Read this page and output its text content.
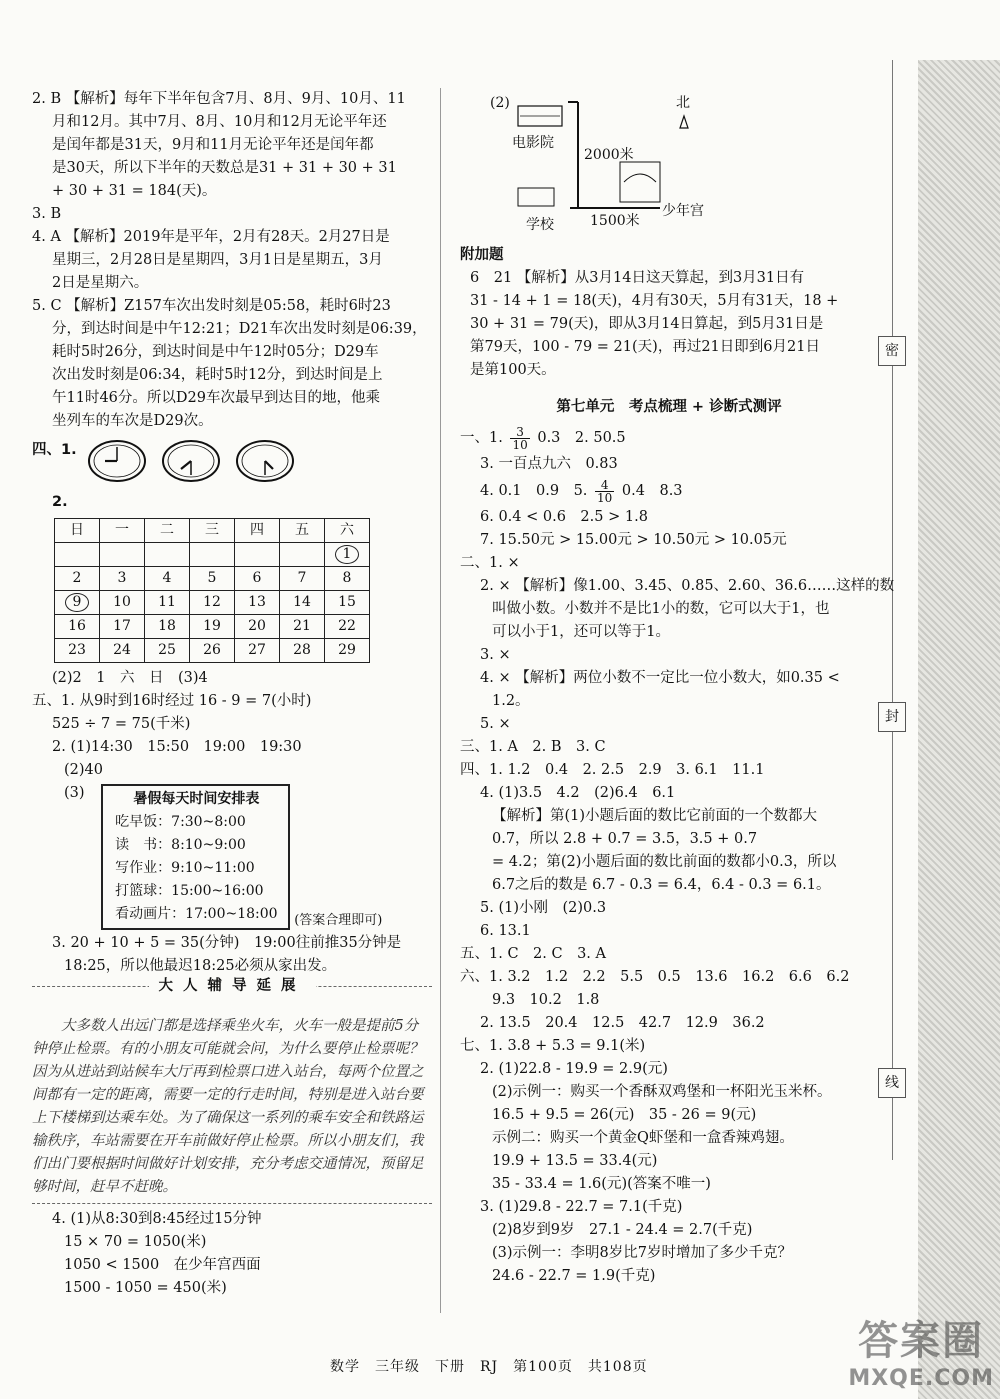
密
封
线
2. B 【解析】每年下半年包含7月、8月、9月、10月、11
月和12月。其中7月、8月、10月和12月无论平年还
是闰年都是31天，9月和11月无论平年还是闰年都
是30天，所以下半年的天数总是31 + 31 + 30 + 31
+ 30 + 31 = 184(天)。
3. B
4. A 【解析】2019年是平年，2月有28天。2月27日是
星期三，2月28日是星期四，3月1日是星期五，3月
2日是星期六。
5. C 【解析】Z157车次出发时刻是05:58，耗时6时23
分，到达时间是中午12:21；D21车次出发时刻是06:39，
耗时5时26分，到达时间是中午12时05分；D29车
次出发时刻是06:34，耗时5时12分，到达时间是上
午11时46分。所以D29车次最早到达目的地，他乘
坐列车的车次是D29次。
四、1.
2.
日	一	二	三	四	五	六
						1
2	3	4	5	6	7	8
9	10	11	12	13	14	15
16	17	18	19	20	21	22
23	24	25	26	27	28	29
(2)2　1　六　日　(3)4
五、1. 从9时到16时经过 16 - 9 = 7(小时)
525 ÷ 7 = 75(千米)
2. (1)14:30　15:50　19:00　19:30
(2)40
(3)	暑假每天时间安排表
吃早饭：7:30~8:00
读　书：8:10~9:00
写作业：9:10~11:00
打篮球：15:00~16:00
看动画片：17:00~18:00 (答案合理即可)
3. 20 + 10 + 5 = 35(分钟)　19:00往前推35分钟是
18:25，所以他最迟18:25必须从家出发。
大人辅导延展
大多数人出远门都是选择乘坐火车，火车一般是提前5分钟停止检票。有的小朋友可能就会问，为什么要停止检票呢？因为从进站到站候车大厅再到检票口进入站台，每两个位置之间都有一定的距离，需要一定的行走时间，特别是进入站台要上下楼梯到达乘车处。为了确保这一系列的乘车安全和铁路运输秩序，车站需要在开车前做好停止检票。所以小朋友们，我们出门要根据时间做好计划安排，充分考虑交通情况，预留足够时间，赶早不赶晚。
4. (1)从8:30到8:45经过15分钟
15 × 70 = 1050(米)
1050 < 1500　在少年宫西面
1500 - 1050 = 450(米)
(2)
电影院
北
2000米
学校	1500米
少年宫
附加题
6　21 【解析】从3月14日这天算起，到3月31日有
31 - 14 + 1 = 18(天)，4月有30天，5月有31天，18 +
30 + 31 = 79(天)，即从3月14日算起，到5月31日是
第79天，100 - 79 = 21(天)，再过21日即到6月21日
是第100天。
第七单元　考点梳理 + 诊断式测评
一、1. $\frac{3}{10} 0.3$　2. 50.5
3. 一百点九六　0.83
4. 0.1　0.9　5. $\frac{4}{10} 0.4$　8.3
6. 0.4 < 0.6　2.5 > 1.8
7. 15.50元 > 15.00元 > 10.50元 > 10.05元
二、1. ×
2. × 【解析】像1.00、3.45、0.85、2.60、36.6……这样的数
叫做小数。小数并不是比1小的数，它可以大于1，也
可以小于1，还可以等于1。
3. ×
4. × 【解析】两位小数不一定比一位小数大，如0.35 <
1.2。
5. ×
三、1. A　2. B　3. C
四、1. 1.2　0.4　2. 2.5　2.9　3. 6.1　11.1
4. (1)3.5　4.2　(2)6.4　6.1
【解析】第(1)小题后面的数比它前面的一个数都大
0.7，所以 2.8 + 0.7 = 3.5，3.5 + 0.7
= 4.2；第(2)小题后面的数比前面的数都小0.3，所以
6.7之后的数是 6.7 - 0.3 = 6.4，6.4 - 0.3 = 6.1。
5. (1)小刚　(2)0.3
6. 13.1
五、1. C　2. C　3. A
六、1. 3.2　1.2　2.2　5.5　0.5　13.6　16.2　6.6　6.2
9.3　10.2　1.8
2. 13.5　20.4　12.5　42.7　12.9　36.2
七、1. 3.8 + 5.3 = 9.1(米)
2. (1)22.8 - 19.9 = 2.9(元)
(2)示例一：购买一个香酥双鸡堡和一杯阳光玉米杯。
16.5 + 9.5 = 26(元)　35 - 26 = 9(元)
示例二：购买一个黄金Q虾堡和一盒香辣鸡翅。
19.9 + 13.5 = 33.4(元)
35 - 33.4 = 1.6(元)(答案不唯一)
3. (1)29.8 - 22.7 = 7.1(千克)
(2)8岁到9岁　27.1 - 24.4 = 2.7(千克)
(3)示例一：李明8岁比7岁时增加了多少千克？
24.6 - 22.7 = 1.9(千克)
数学　三年级　下册　RJ　第100页　共108页
答案圈
MXQE.COM
